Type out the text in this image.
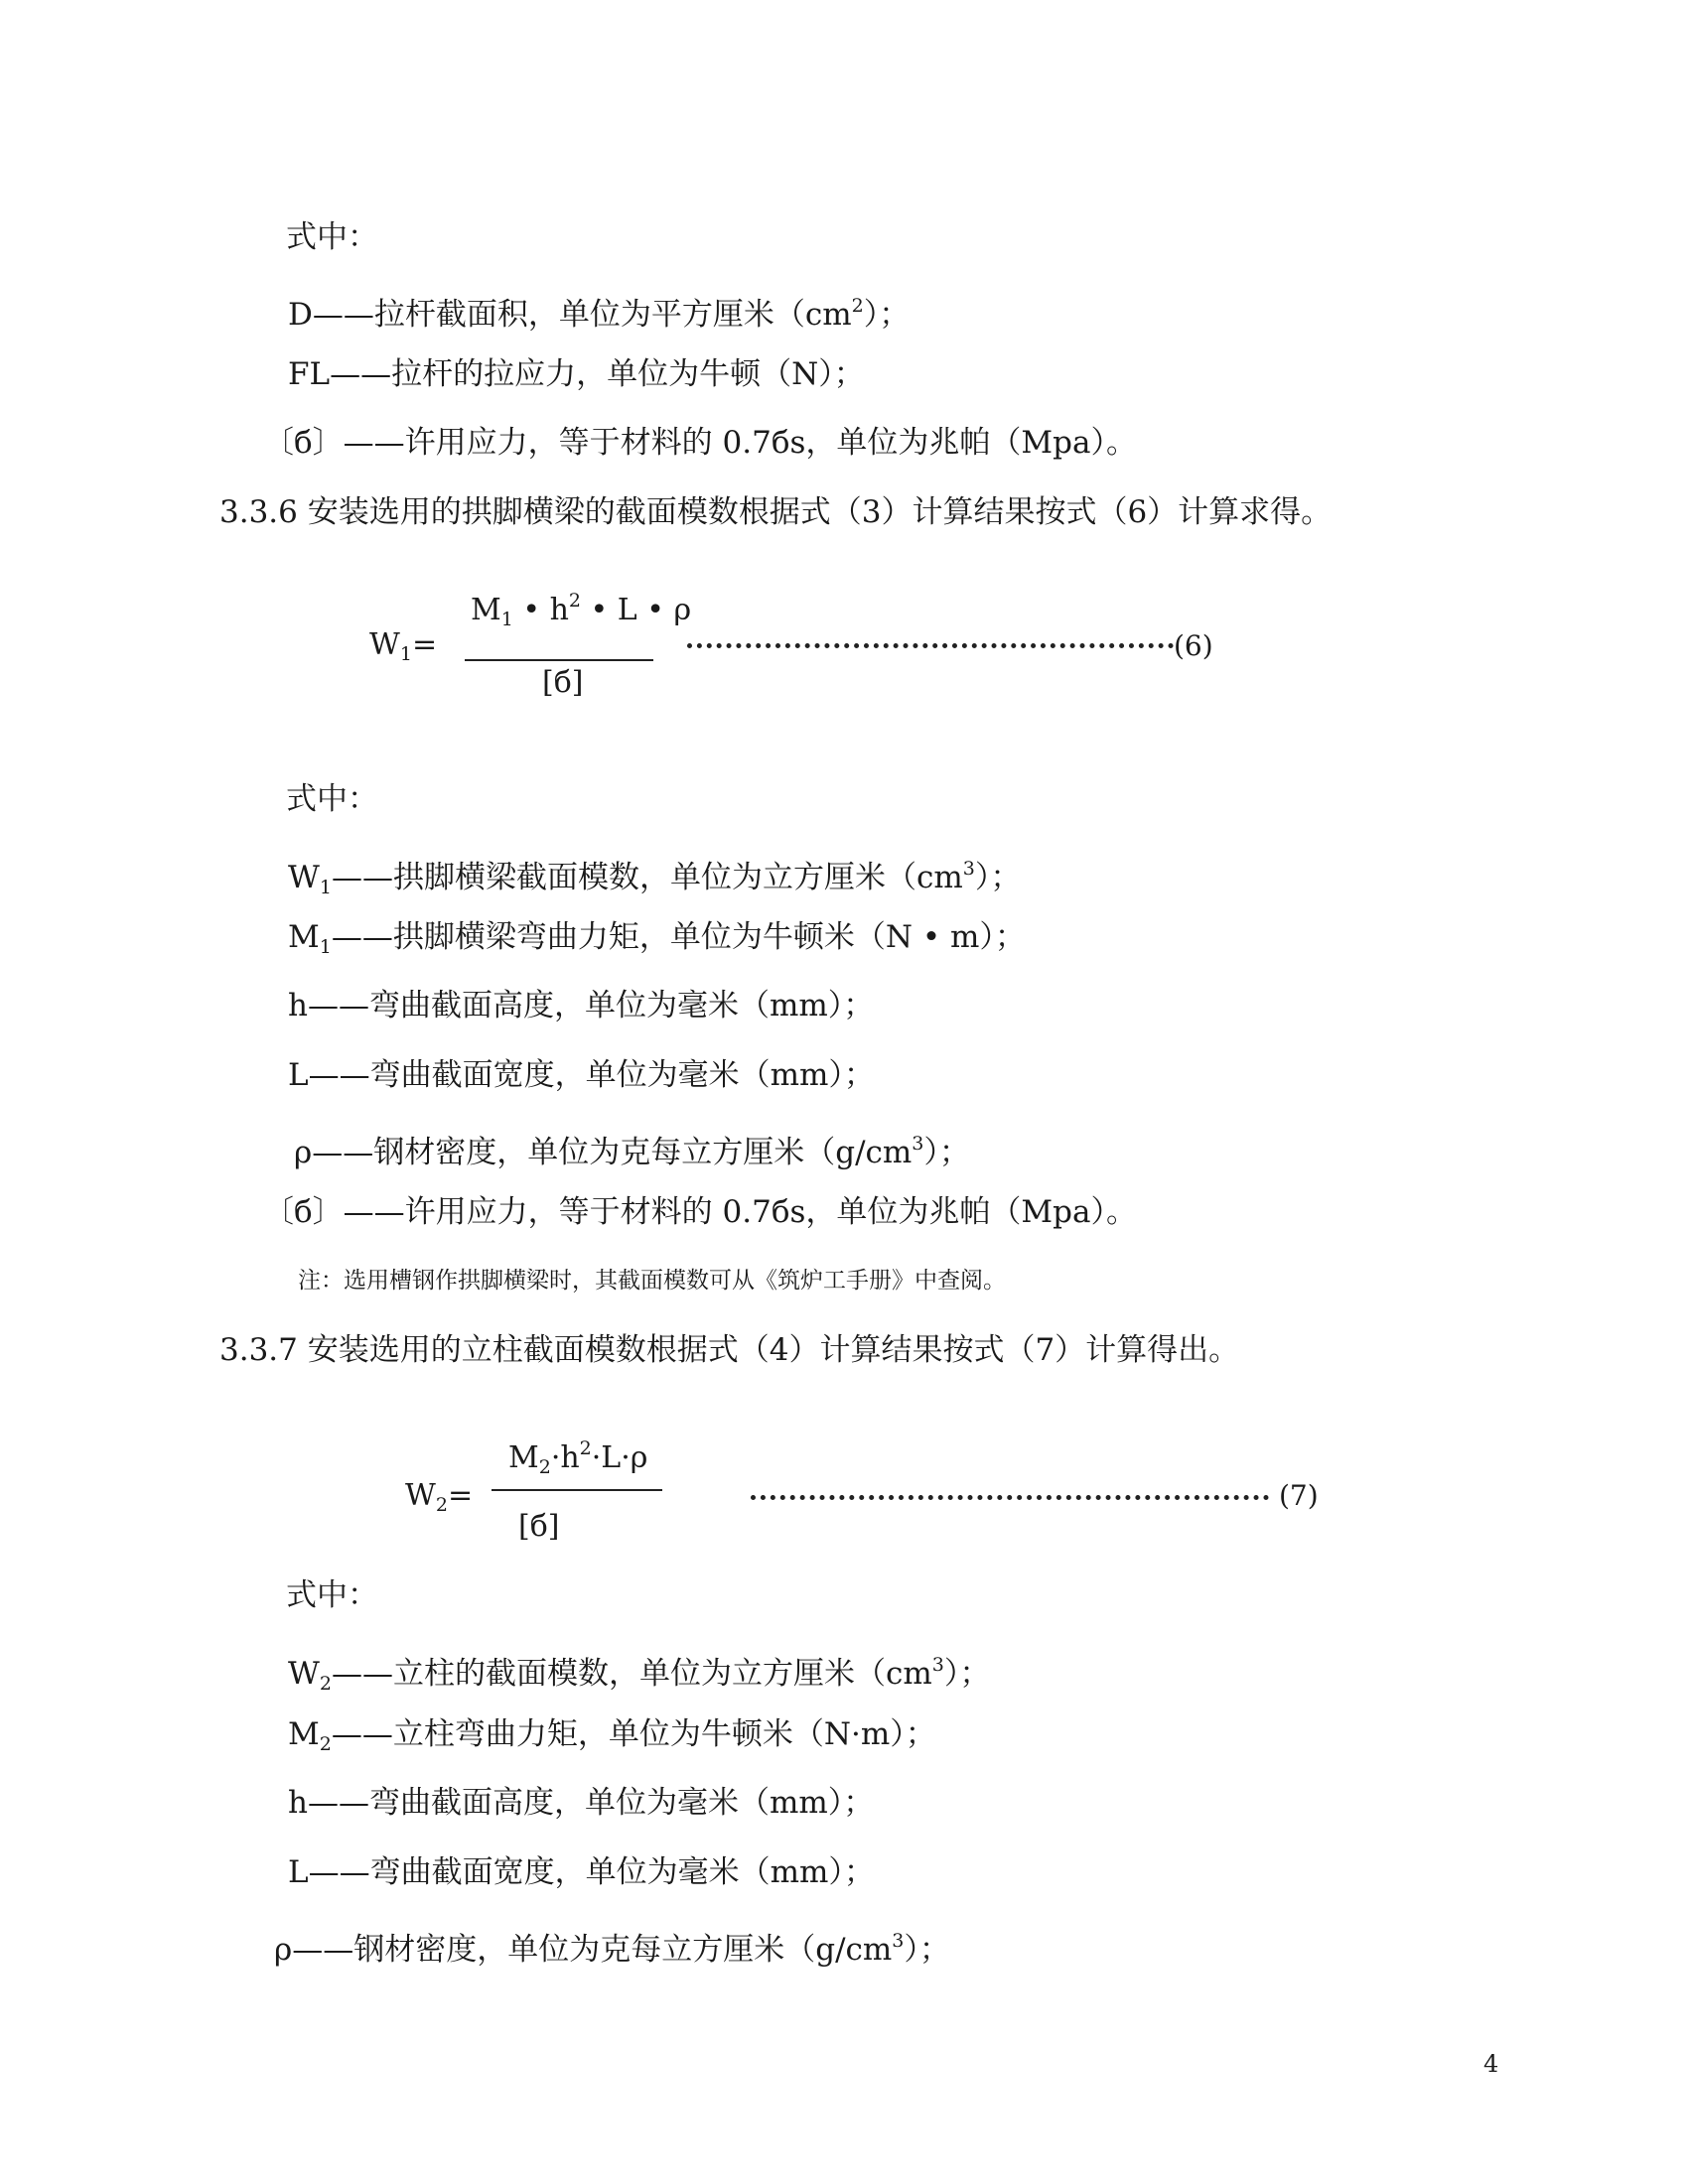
式中：
D——拉杆截面积，单位为平方厘米$(cm^2)$；
FL——拉杆的拉应力，单位为牛顿（N）；
〔б〕——许用应力，等于材料的 0.7бs，单位为兆帕（Mpa）。
3.3.6 安装选用的拱脚横梁的截面模数根据式（3）计算结果按式（6）计算求得。
$W_1=$
$M_1$ • $h^2$ • L • ρ
[б]
(6)
式中：
$W_1——$拱脚横梁截面模数，单位为立方厘米$(cm^3)$；
$M_1——$拱脚横梁弯曲力矩，单位为牛顿米（N • m）；
h——弯曲截面高度，单位为毫米（mm）；
L——弯曲截面宽度，单位为毫米（mm）；
ρ——钢材密度，单位为克每立方厘米$(g/cm^3)$；
〔б〕——许用应力，等于材料的 0.7бs，单位为兆帕（Mpa）。
注：选用槽钢作拱脚横梁时，其截面模数可从《筑炉工手册》中查阅。
3.3.7 安装选用的立柱截面模数根据式（4）计算结果按式（7）计算得出。
$W_2=$
$M_2\cdot h^2\cdot L\cdot\rho$
[б]
(7)
式中：
$W_2——$立柱的截面模数，单位为立方厘米$(cm^3)$；
$M_2——$立柱弯曲力矩，单位为牛顿米（N·m）；
h——弯曲截面高度，单位为毫米（mm）；
L——弯曲截面宽度，单位为毫米（mm）；
ρ——钢材密度，单位为克每立方厘米$(g/cm^3)$；
4
